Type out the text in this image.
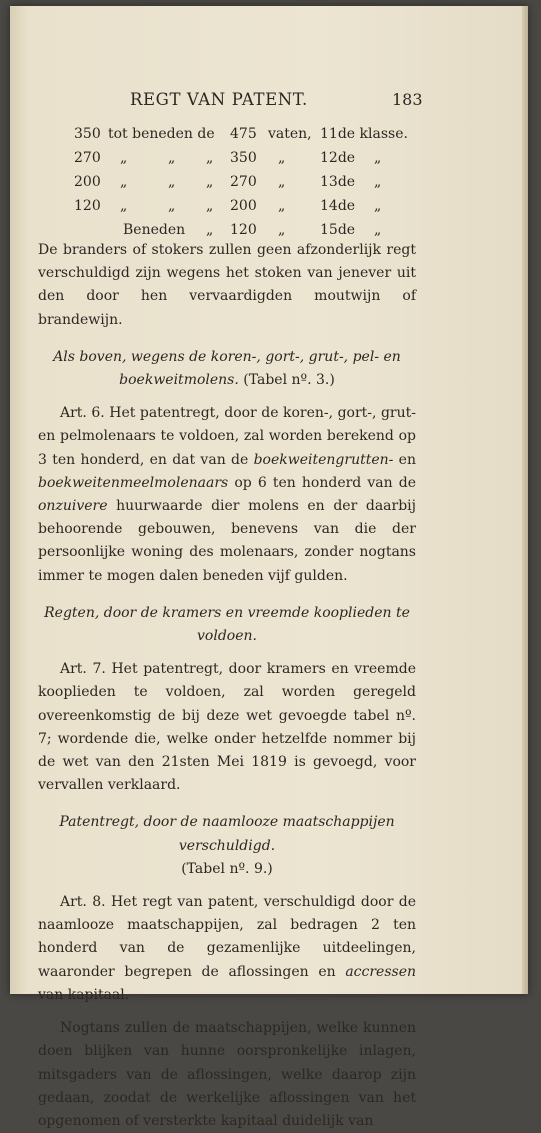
REGT VAN PATENT.	183
350 tot beneden de 475 vaten, 11de klasse.
270 „	„ „ 350 „ 12de „
200 „	„ „ 270 „ 13de „
120 „	„ „ 200 „ 14de „
Beneden „ 120 „ 15de „

De branders of stokers zullen geen afzonderlijk regt verschuldigd zijn wegens het stoken van jenever uit den door hen vervaardigden moutwijn of brandewijn.

Als boven, wegens de koren-, gort-, grut-, pel- en boekweitmolens. (Tabel nº. 3.)

Art. 6. Het patentregt, door de koren-, gort-, grut- en pelmolenaars te voldoen, zal worden berekend op 3 ten honderd, en dat van de boekweitengrutten- en boekweitenmeelmolenaars op 6 ten honderd van de onzuivere huurwaarde dier molens en der daarbij behoorende gebouwen, benevens van die der persoonlijke woning des molenaars, zonder nogtans immer te mogen dalen beneden vijf gulden.

Regten, door de kramers en vreemde kooplieden te voldoen.

Art. 7. Het patentregt, door kramers en vreemde kooplieden te voldoen, zal worden geregeld overeenkomstig de bij deze wet gevoegde tabel nº. 7; wordende die, welke onder hetzelfde nommer bij de wet van den 21sten Mei 1819 is gevoegd, voor vervallen verklaard.

Patentregt, door de naamlooze maatschappijen verschuldigd.

(Tabel nº. 9.)

Art. 8. Het regt van patent, verschuldigd door de naamlooze maatschappijen, zal bedragen 2 ten honderd van de gezamenlijke uitdeelingen, waaronder begrepen de aflossingen en accressen van kapitaal.

Nogtans zullen de maatschappijen, welke kunnen doen blijken van hunne oorspronkelijke inlagen, mitsgaders van de aflossingen, welke daarop zijn gedaan, zoodat de werkelijke aflossingen van het opgenomen of versterkte kapitaal duidelijk van
